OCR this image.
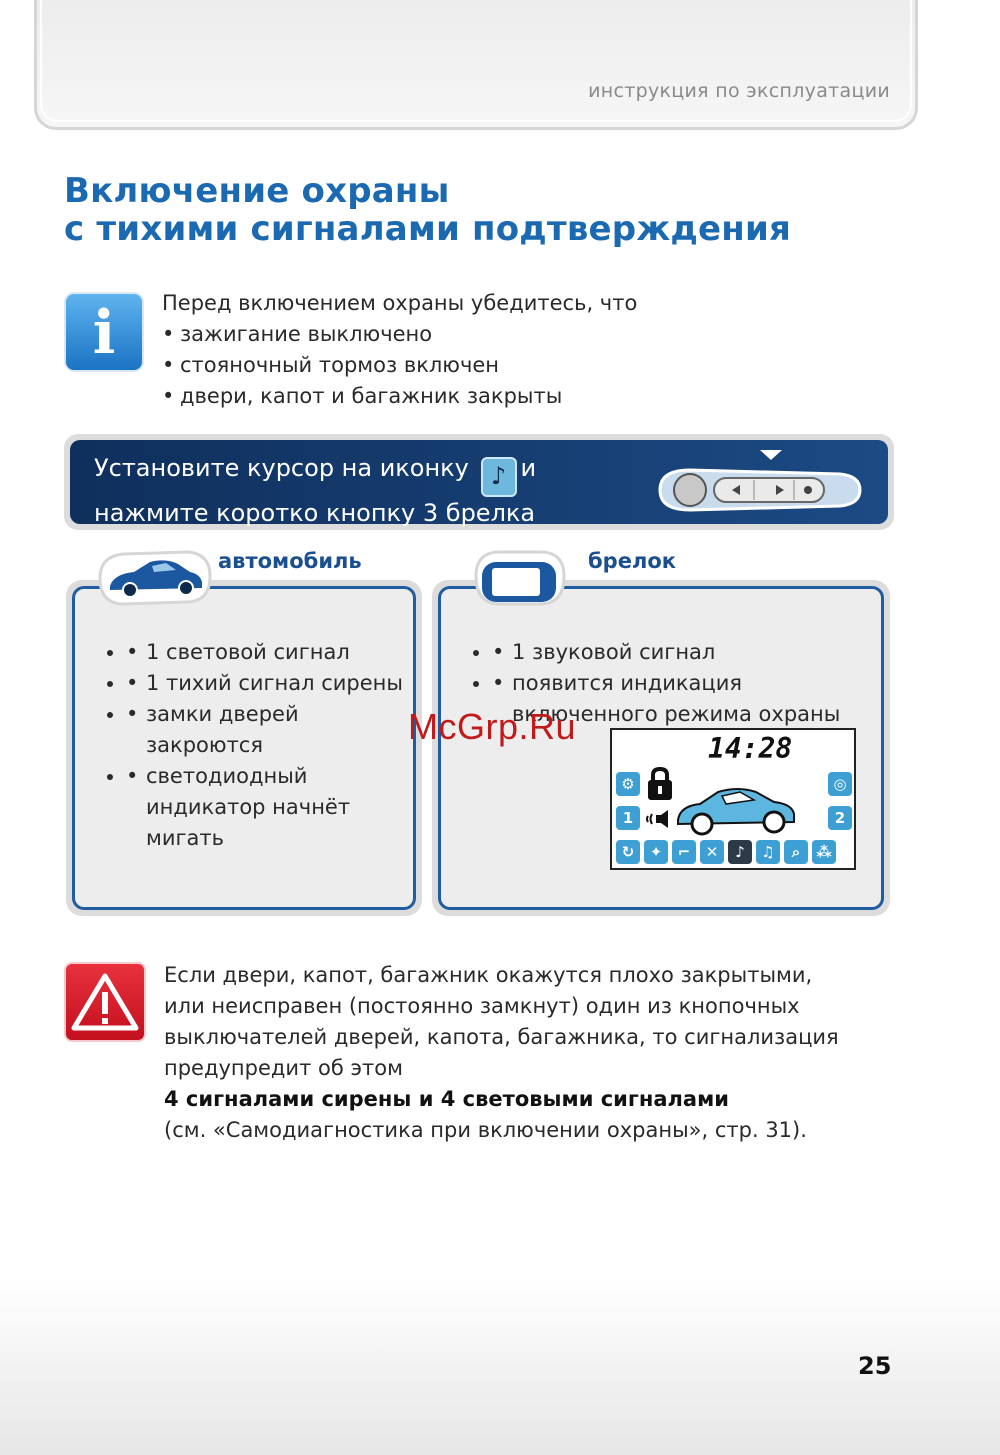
инструкция по эксплуатации
Включение охраны
с тихими сигналами подтверждения
i	Перед включением охраны убедитесь, что
• зажигание выключено
• стояночный тормоз включен
• двери, капот и багажник закрыты
Установите курсор на иконку ♪ и
нажмите коротко кнопку 3 брелка
автомобиль
• • 1 световой сигнал
• • 1 тихий сигнал сирены
• • замки дверей закроются
• • светодиодный индикатор начнёт мигать
брелок
• • 1 звуковой сигнал
• • появится индикация включенного режима охраны
14:28
⚙
1
◎
2
↻	✦	⌐	✕	♪	♫	⌕	⁂
McGrp.Ru
Если двери, капот, багажник окажутся плохо закрытыми,
или неисправен (постоянно замкнут) один из кнопочных
выключателей дверей, капота, багажника, то сигнализация
предупредит об этом
4 сигналами сирены и 4 световыми сигналами
(см. «Самодиагностика при включении охраны», стр. 31).
25
